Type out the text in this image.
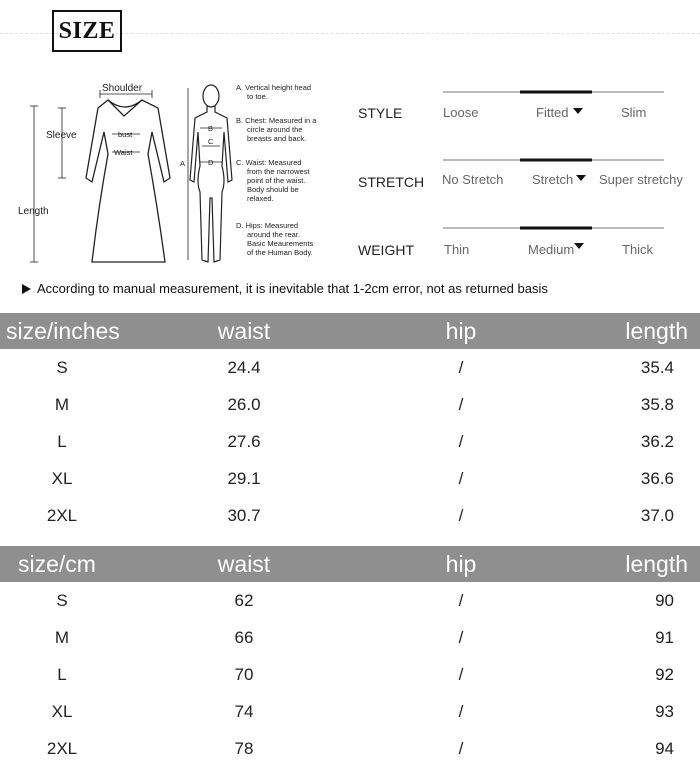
SIZE
Shoulder
Sleeve
Length
bust
Waist
A
B
C
D
A. Vertical height head
to toe.
B. Chest: Measured in a
circle around the
breasts and back.
C. Waist: Measured
from the narrowest
point of the waist.
Body should be
relaxed.
D. Hips: Measured
around the rear.
Basic Meaurements
of the Human Body.
STYLE	Loose	Fitted	Slim
STRETCH No Stretch Stretch Super stretchy
WEIGHT Thin	Medium	Thick
According to manual measurement, it is inevitable that 1-2cm error, not as returned basis
size/inches	waist	hip	length
S	24.4	/	35.4
M	26.0	/	35.8
L	27.6	/	36.2
XL	29.1	/	36.6
2XL	30.7	/	37.0
size/cm	waist	hip	length
S	62	/	90
M	66	/	91
L	70	/	92
XL	74	/	93
2XL	78	/	94
